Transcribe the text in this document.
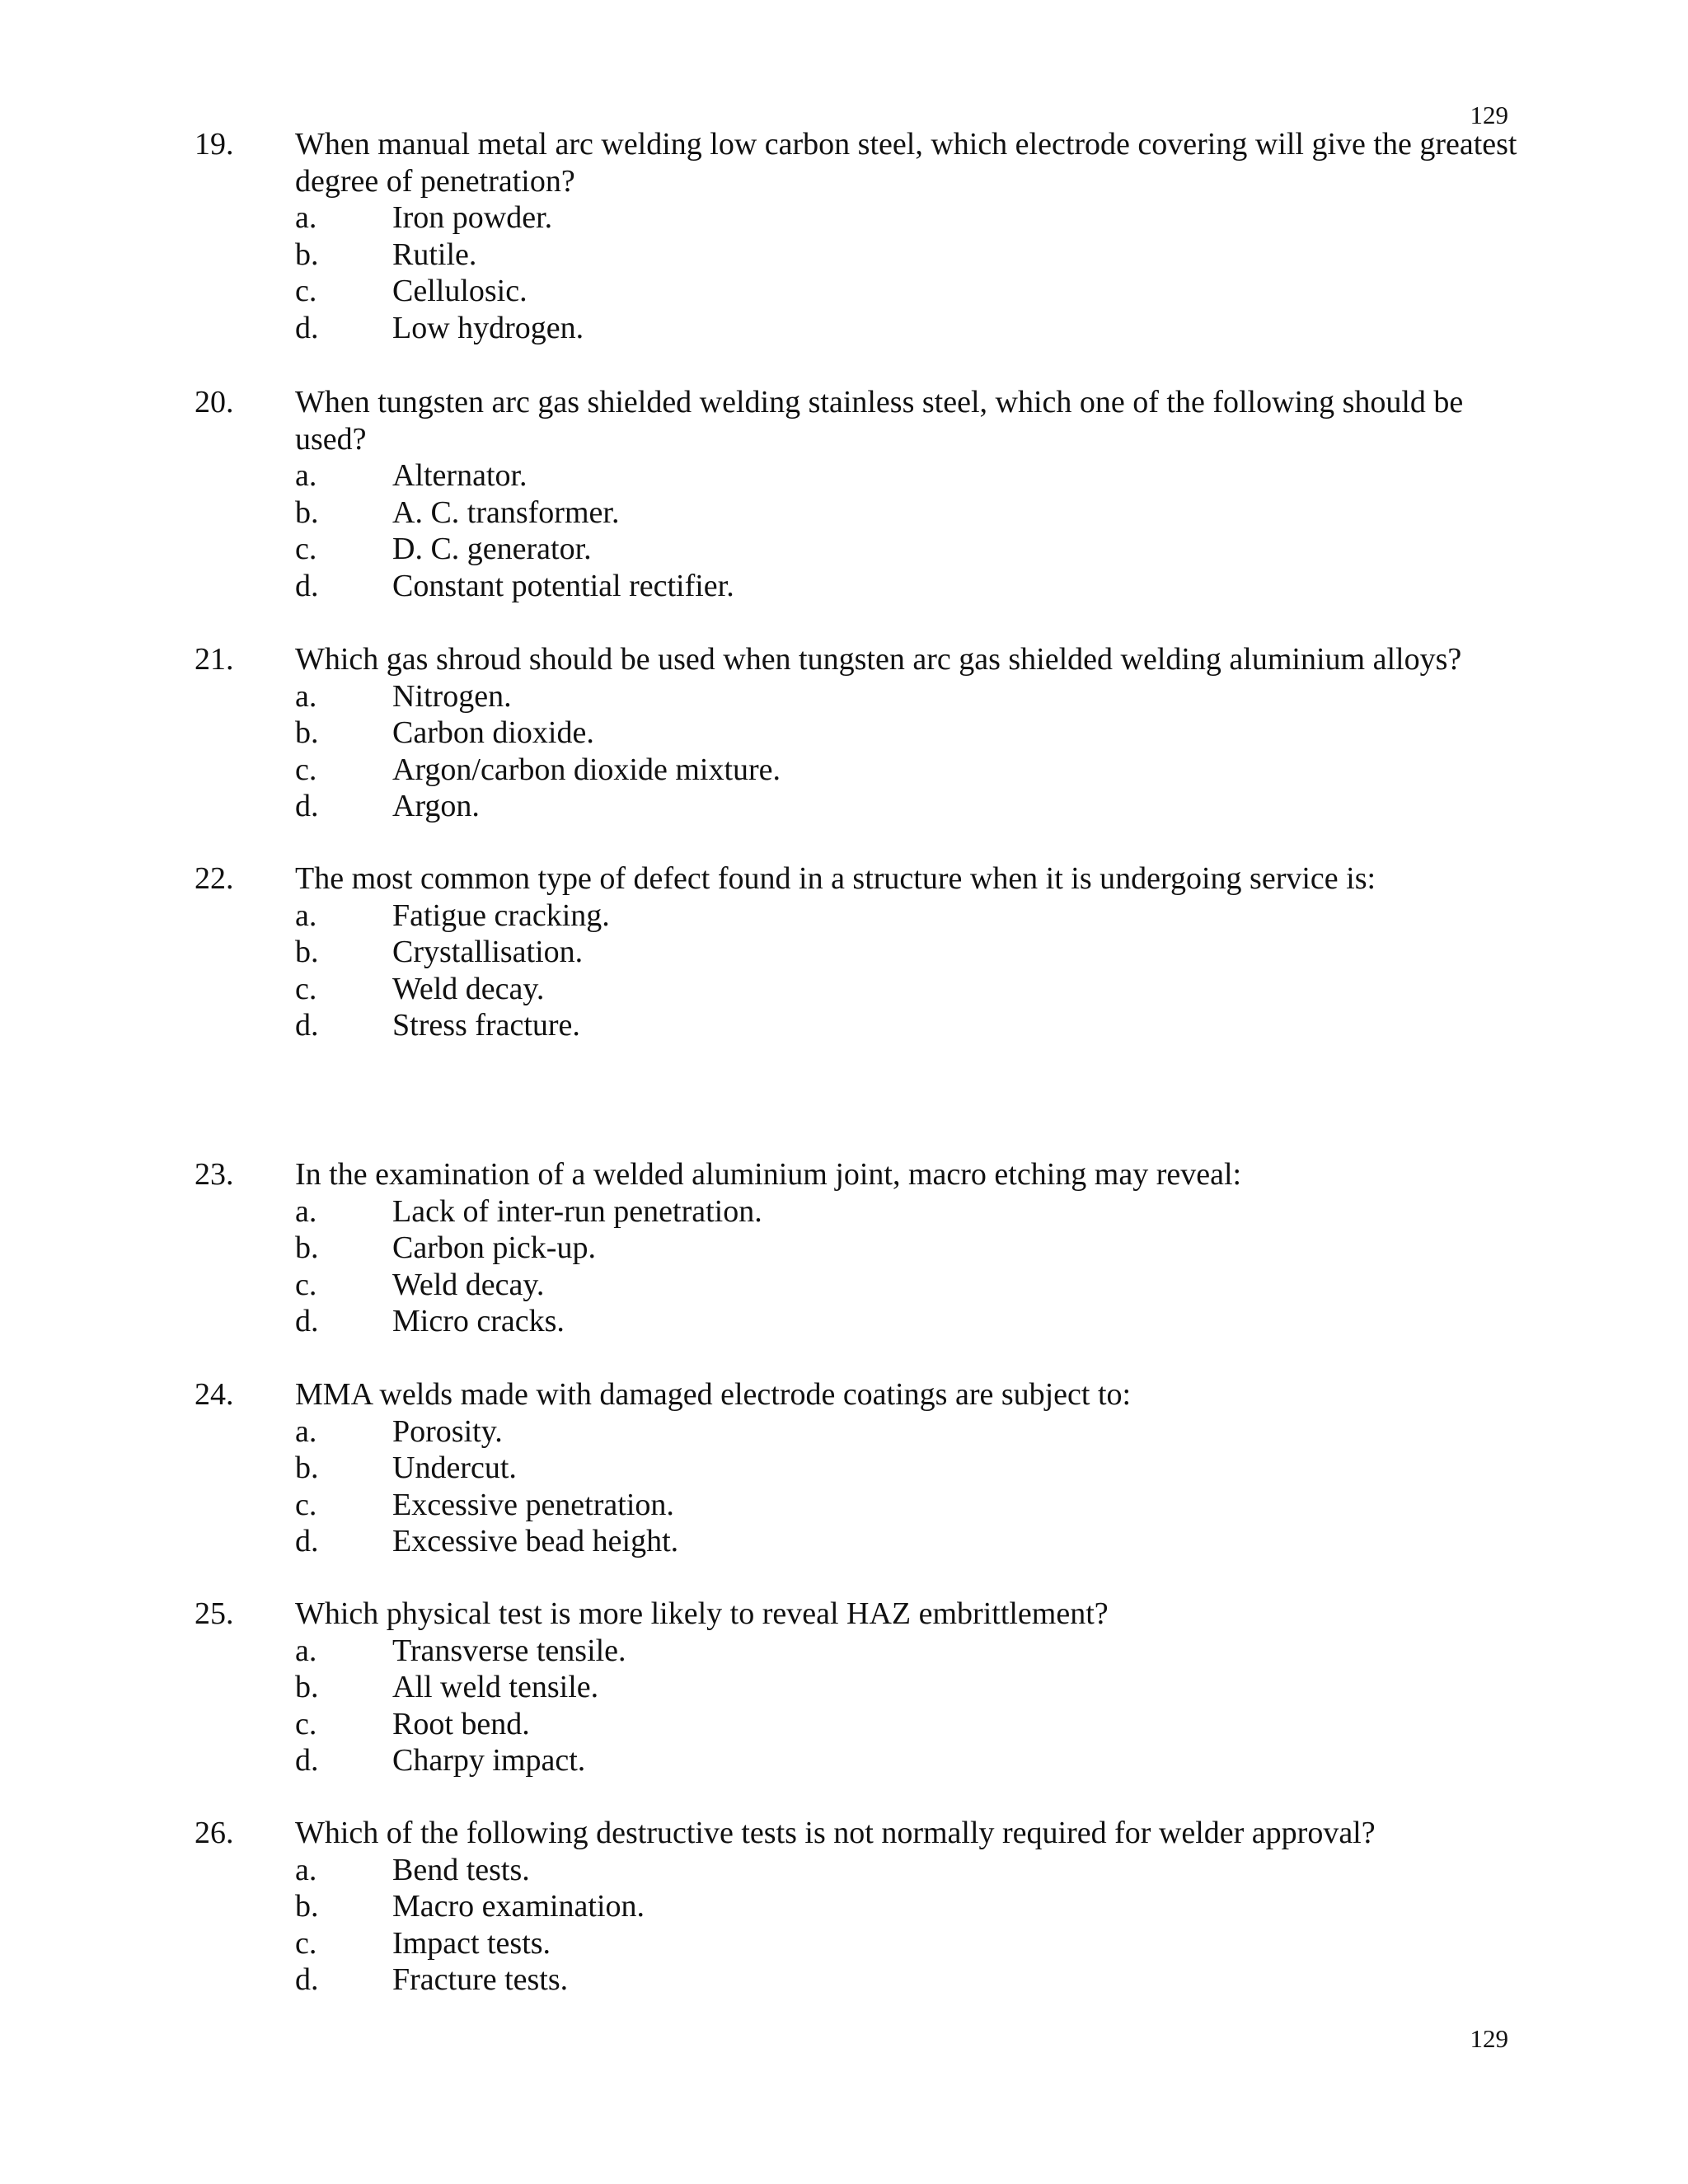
129
19. When manual metal arc welding low carbon steel, which electrode covering will give the greatest degree of penetration?
a. Iron powder.
b. Rutile.
c. Cellulosic.
d. Low hydrogen.
20. When tungsten arc gas shielded welding stainless steel, which one of the following should be used?
a. Alternator.
b. A. C. transformer.
c. D. C. generator.
d. Constant potential rectifier.
21. Which gas shroud should be used when tungsten arc gas shielded welding aluminium alloys?
a. Nitrogen.
b. Carbon dioxide.
c. Argon/carbon dioxide mixture.
d. Argon.
22. The most common type of defect found in a structure when it is undergoing service is:
a. Fatigue cracking.
b. Crystallisation.
c. Weld decay.
d. Stress fracture.
23. In the examination of a welded aluminium joint, macro etching may reveal:
a. Lack of inter-run penetration.
b. Carbon pick-up.
c. Weld decay.
d. Micro cracks.
24. MMA welds made with damaged electrode coatings are subject to:
a. Porosity.
b. Undercut.
c. Excessive penetration.
d. Excessive bead height.
25. Which physical test is more likely to reveal HAZ embrittlement?
a. Transverse tensile.
b. All weld tensile.
c. Root bend.
d. Charpy impact.
26. Which of the following destructive tests is not normally required for welder approval?
a. Bend tests.
b. Macro examination.
c. Impact tests.
d. Fracture tests.
129
